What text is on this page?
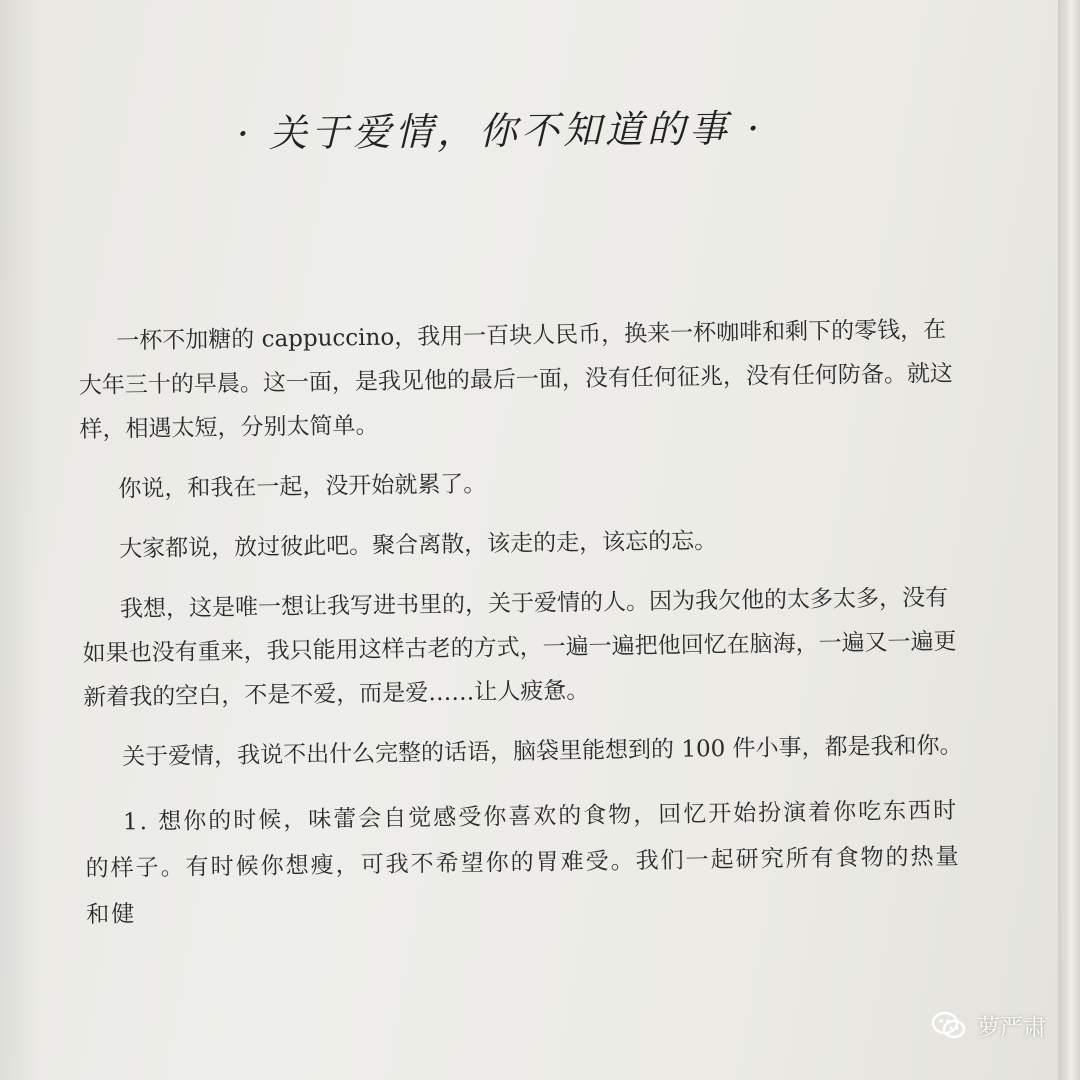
· 关于爱情，你不知道的事 ·

一杯不加糖的 cappuccino，我用一百块人民币，换来一杯咖啡和剩下的零钱，在大年三十的早晨。这一面，是我见他的最后一面，没有任何征兆，没有任何防备。就这样，相遇太短，分别太简单。

你说，和我在一起，没开始就累了。

大家都说，放过彼此吧。聚合离散，该走的走，该忘的忘。

我想，这是唯一想让我写进书里的，关于爱情的人。因为我欠他的太多太多，没有如果也没有重来，我只能用这样古老的方式，一遍一遍把他回忆在脑海，一遍又一遍更新着我的空白，不是不爱，而是爱……让人疲惫。

关于爱情，我说不出什么完整的话语，脑袋里能想到的 100 件小事，都是我和你。

1. 想你的时候，味蕾会自觉感受你喜欢的食物，回忆开始扮演着你吃东西时的样子。有时候你想瘦，可我不希望你的胃难受。我们一起研究所有食物的热量和健

萝严肃
